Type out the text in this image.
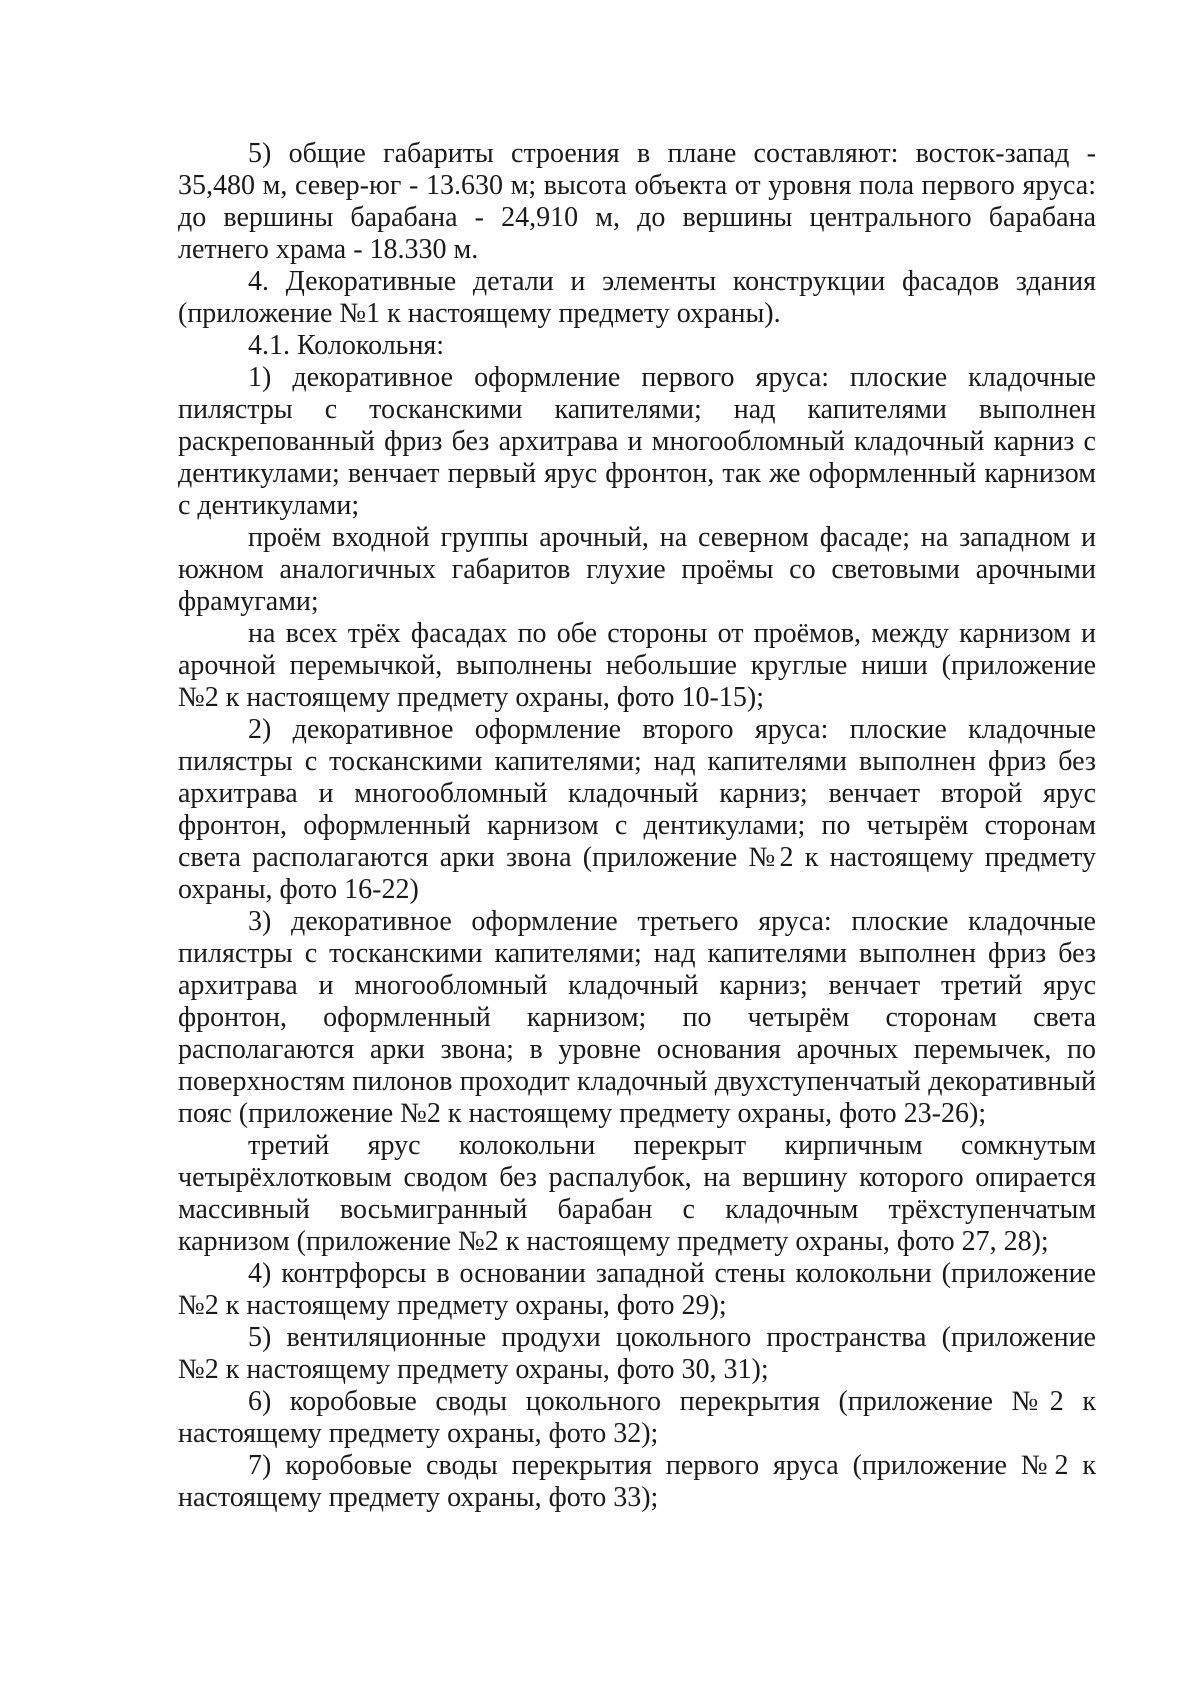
5) общие габариты строения в плане составляют: восток-запад - 35,480 м, север-юг - 13.630 м; высота объекта от уровня пола первого яруса: до вершины барабана - 24,910 м, до вершины центрального барабана летнего храма - 18.330 м.

4. Декоративные детали и элементы конструкции фасадов здания (приложение №1 к настоящему предмету охраны).

4.1. Колокольня:

1) декоративное оформление первого яруса: плоские кладочные пилястры с тосканскими капителями; над капителями выполнен раскрепованный фриз без архитрава и многообломный кладочный карниз с дентикулами; венчает первый ярус фронтон, так же оформленный карнизом с дентикулами;

проём входной группы арочный, на северном фасаде; на западном и южном аналогичных габаритов глухие проёмы со световыми арочными фрамугами;

на всех трёх фасадах по обе стороны от проёмов, между карнизом и арочной перемычкой, выполнены небольшие круглые ниши (приложение №2 к настоящему предмету охраны, фото 10-15);

2) декоративное оформление второго яруса: плоские кладочные пилястры с тосканскими капителями; над капителями выполнен фриз без архитрава и многообломный кладочный карниз; венчает второй ярус фронтон, оформленный карнизом с дентикулами; по четырём сторонам света располагаются арки звона (приложение №2 к настоящему предмету охраны, фото 16-22)

3) декоративное оформление третьего яруса: плоские кладочные пилястры с тосканскими капителями; над капителями выполнен фриз без архитрава и многообломный кладочный карниз; венчает третий ярус фронтон, оформленный карнизом; по четырём сторонам света располагаются арки звона; в уровне основания арочных перемычек, по поверхностям пилонов проходит кладочный двухступенчатый декоративный пояс (приложение №2 к настоящему предмету охраны, фото 23-26);

третий ярус колокольни перекрыт кирпичным сомкнутым четырёхлотковым сводом без распалубок, на вершину которого опирается массивный восьмигранный барабан с кладочным трёхступенчатым карнизом (приложение №2 к настоящему предмету охраны, фото 27, 28);

4) контрфорсы в основании западной стены колокольни (приложение №2 к настоящему предмету охраны, фото 29);

5) вентиляционные продухи цокольного пространства (приложение №2 к настоящему предмету охраны, фото 30, 31);

6) коробовые своды цокольного перекрытия (приложение №2 к настоящему предмету охраны, фото 32);

7) коробовые своды перекрытия первого яруса (приложение №2 к настоящему предмету охраны, фото 33);
